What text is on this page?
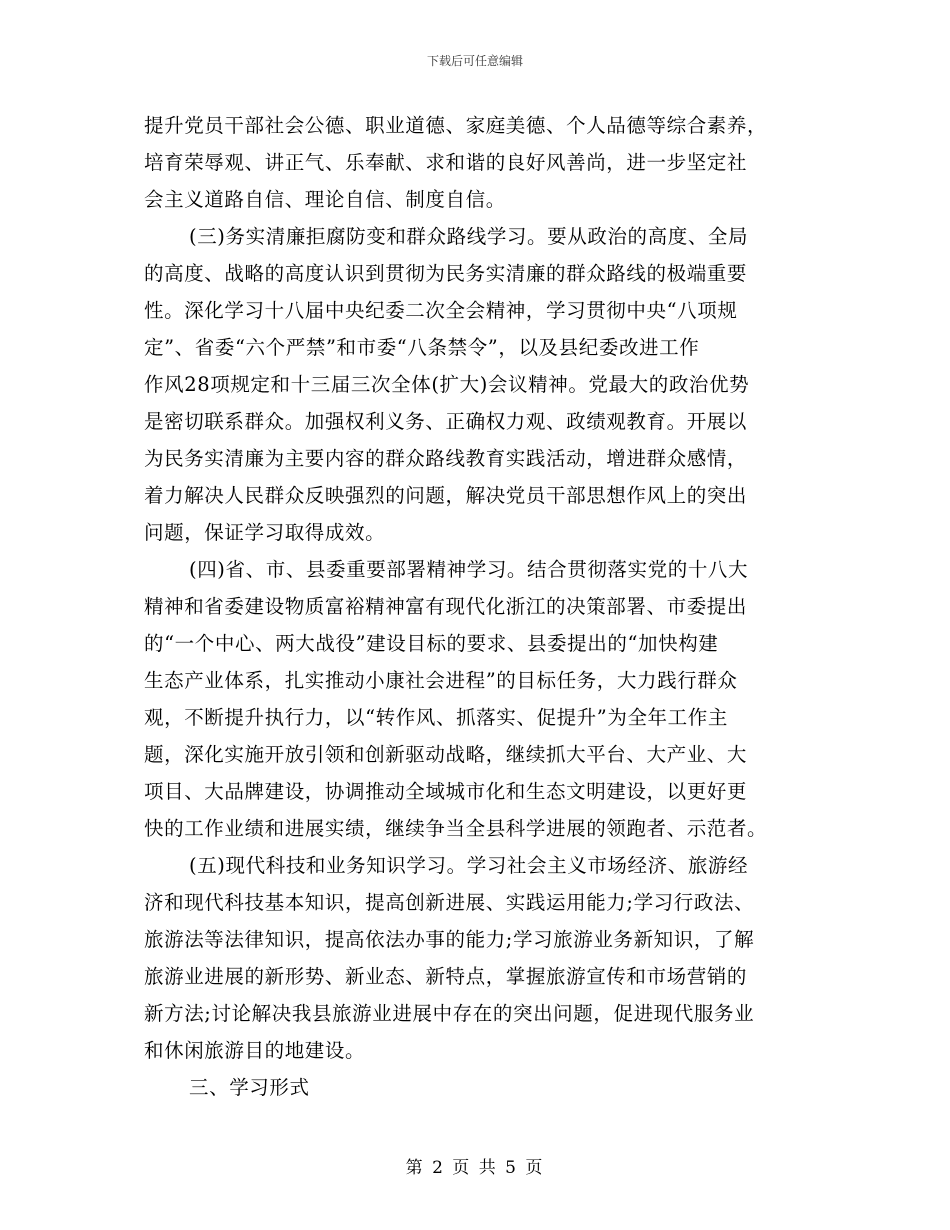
下载后可任意编辑
提升党员干部社会公德、职业道德、家庭美德、个人品德等综合素养，
培育荣辱观、讲正气、乐奉献、求和谐的良好风善尚，进一步坚定社
会主义道路自信、理论自信、制度自信。
(三)务实清廉拒腐防变和群众路线学习。要从政治的高度、全局
的高度、战略的高度认识到贯彻为民务实清廉的群众路线的极端重要
性。深化学习十八届中央纪委二次全会精神，学习贯彻中央“八项规
定”、省委“六个严禁”和市委“八条禁令”，以及县纪委改进工作
作风28项规定和十三届三次全体(扩大)会议精神。党最大的政治优势
是密切联系群众。加强权利义务、正确权力观、政绩观教育。开展以
为民务实清廉为主要内容的群众路线教育实践活动，增进群众感情，
着力解决人民群众反映强烈的问题，解决党员干部思想作风上的突出
问题，保证学习取得成效。
(四)省、市、县委重要部署精神学习。结合贯彻落实党的十八大
精神和省委建设物质富裕精神富有现代化浙江的决策部署、市委提出
的“一个中心、两大战役”建设目标的要求、县委提出的“加快构建
生态产业体系，扎实推动小康社会进程”的目标任务，大力践行群众
观，不断提升执行力，以“转作风、抓落实、促提升”为全年工作主
题，深化实施开放引领和创新驱动战略，继续抓大平台、大产业、大
项目、大品牌建设，协调推动全域城市化和生态文明建设，以更好更
快的工作业绩和进展实绩，继续争当全县科学进展的领跑者、示范者。
(五)现代科技和业务知识学习。学习社会主义市场经济、旅游经
济和现代科技基本知识，提高创新进展、实践运用能力;学习行政法、
旅游法等法律知识，提高依法办事的能力;学习旅游业务新知识，了解
旅游业进展的新形势、新业态、新特点，掌握旅游宣传和市场营销的
新方法;讨论解决我县旅游业进展中存在的突出问题，促进现代服务业
和休闲旅游目的地建设。
三、学习形式
第 2 页 共 5 页
